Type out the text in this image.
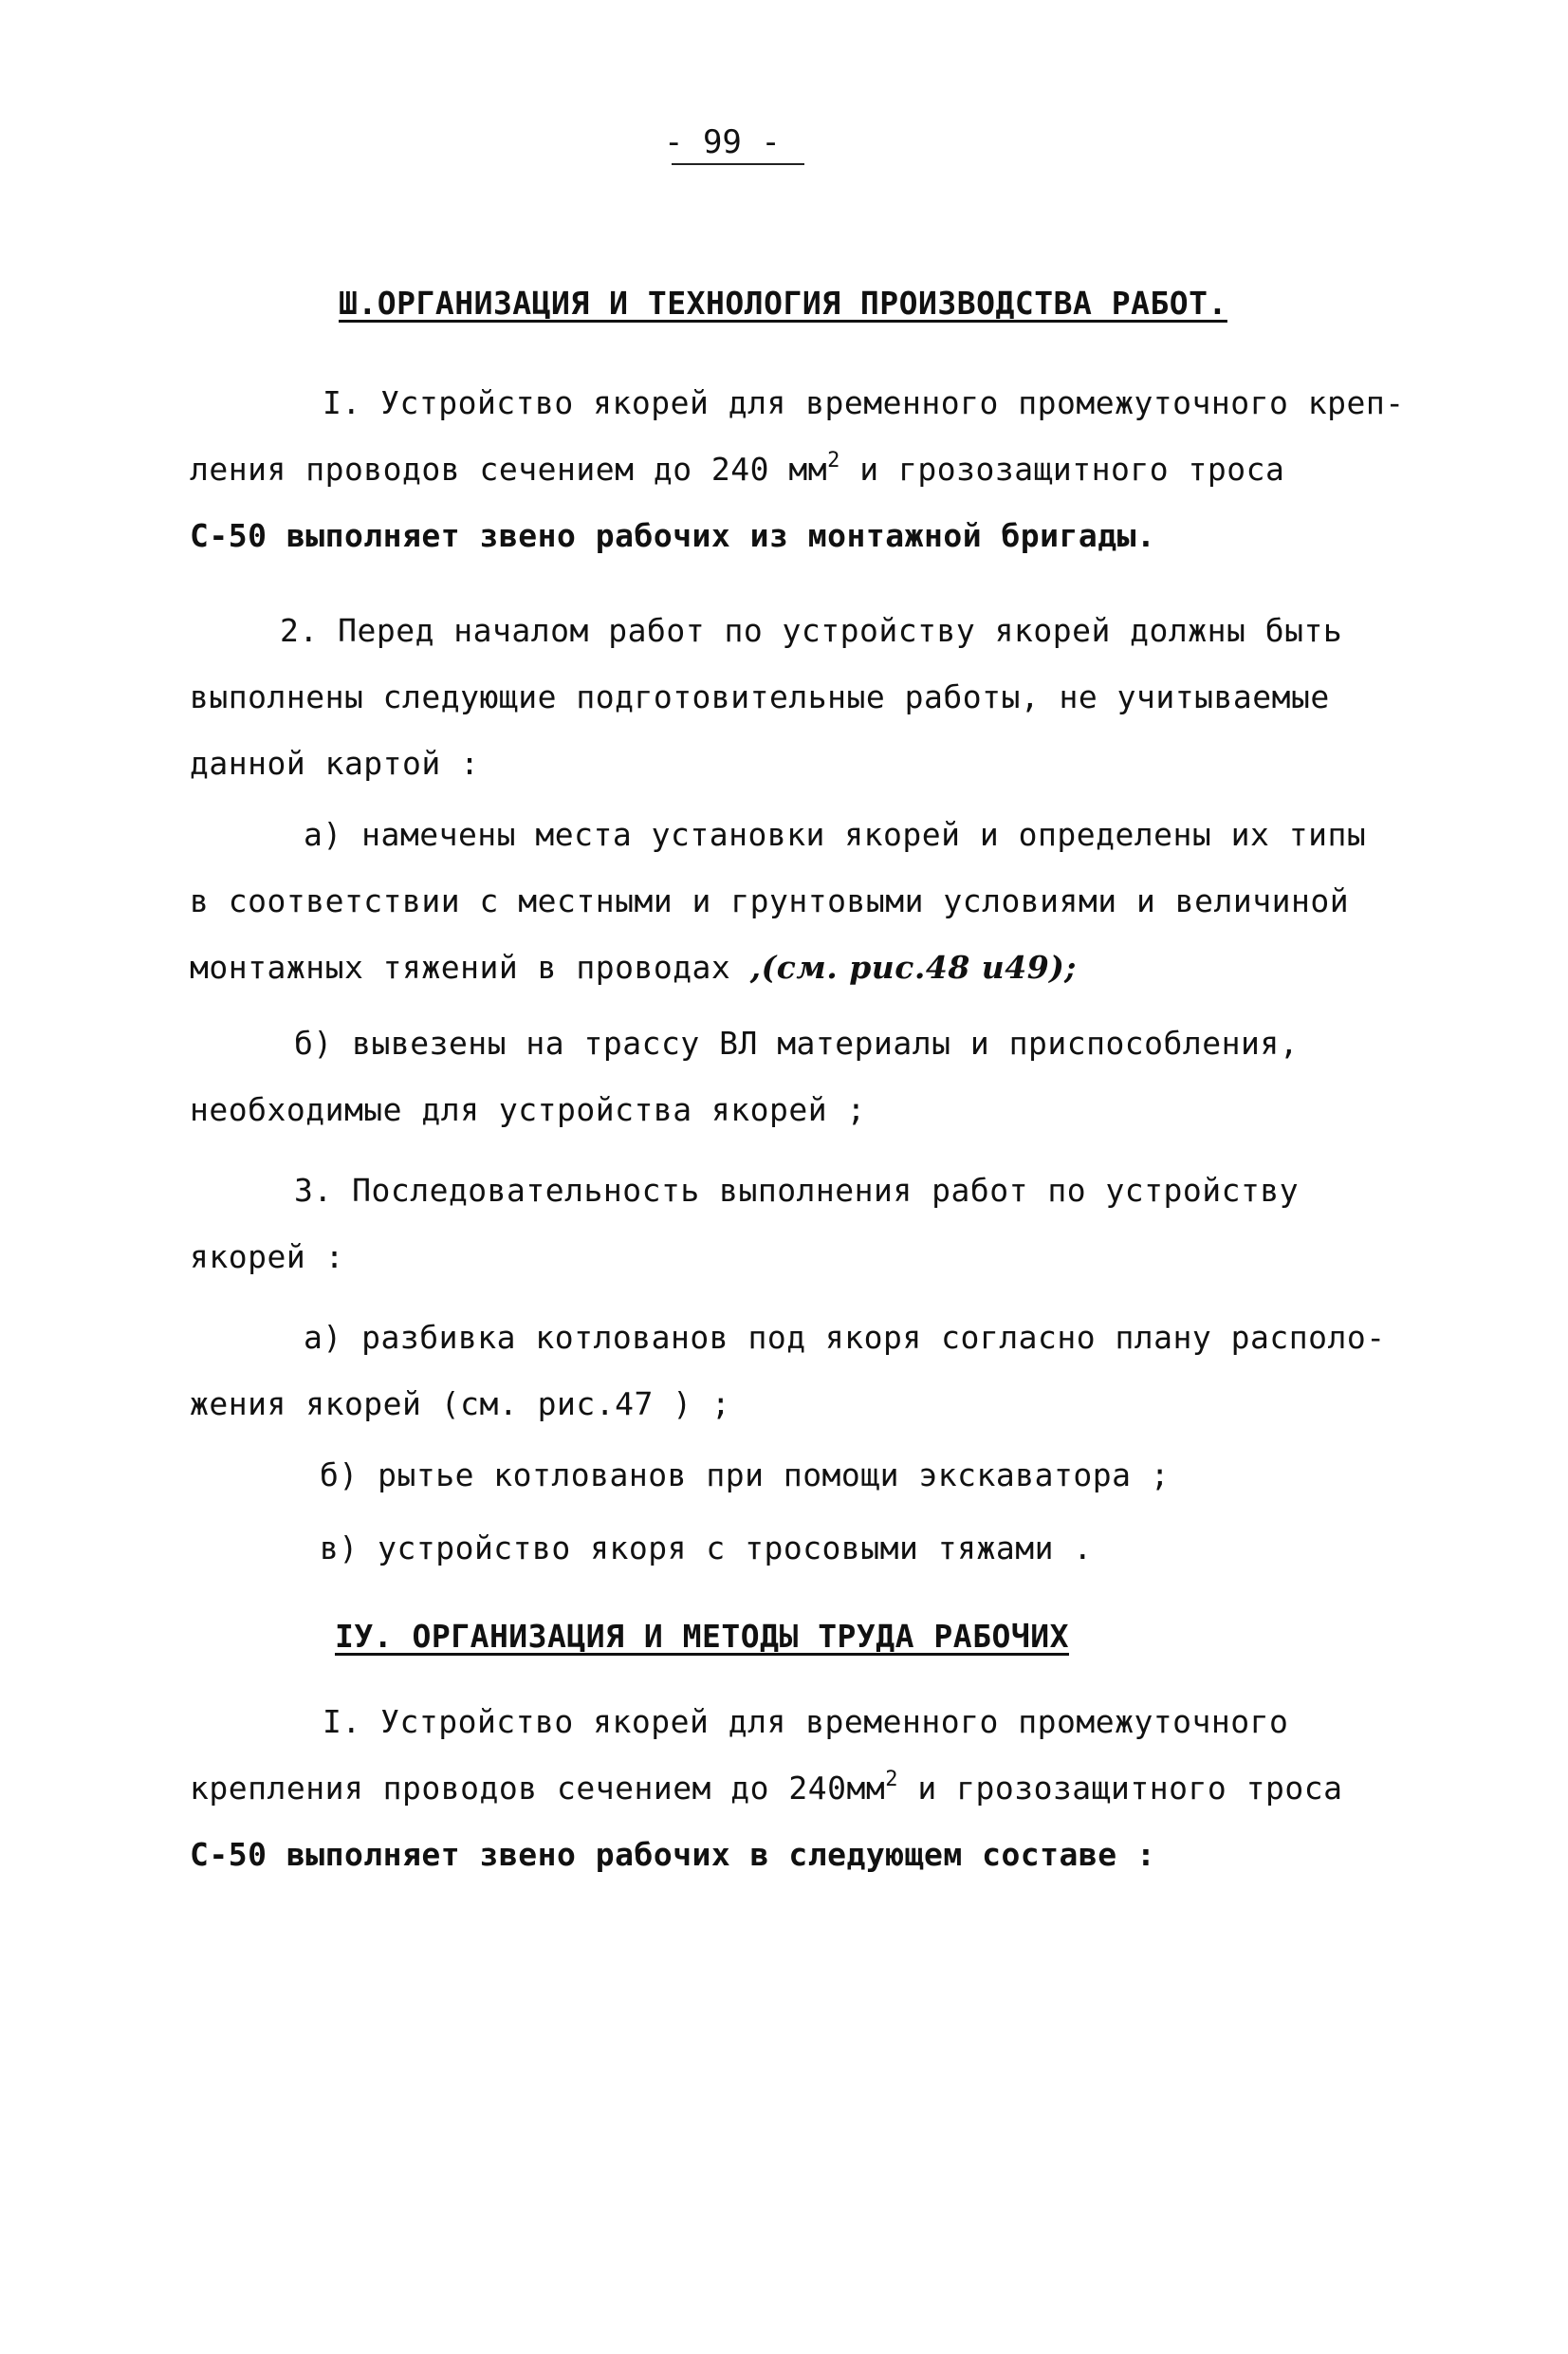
- 99 -
Ш.ОРГАНИЗАЦИЯ И ТЕХНОЛОГИЯ ПРОИЗВОДСТВА РАБОТ.
I. Устройство якорей для временного промежуточного креп-
ления проводов сечением до 240 $мм^2$ и грозозащитного троса
С-50 выполняет звено рабочих из монтажной бригады.
2. Перед началом работ по устройству якорей должны быть
выполнены следующие подготовительные работы, не учитываемые
данной картой :
а) намечены места установки якорей и определены их типы
в соответствии с местными и грунтовыми условиями и величиной
монтажных тяжений в проводах ,(см. рис.48 и49);
б) вывезены на трассу ВЛ материалы и приспособления,
необходимые для устройства якорей ;
3. Последовательность выполнения работ по устройству
якорей :
а) разбивка котлованов под якоря согласно плану располо-
жения якорей (см. рис.47 ) ;
б) рытье котлованов при помощи экскаватора ;
в) устройство якоря с тросовыми тяжами .
IУ. ОРГАНИЗАЦИЯ И МЕТОДЫ ТРУДА РАБОЧИХ
I. Устройство якорей для временного промежуточного
крепления проводов сечением до $240мм^2$ и грозозащитного троса
С-50 выполняет звено рабочих в следующем составе :
